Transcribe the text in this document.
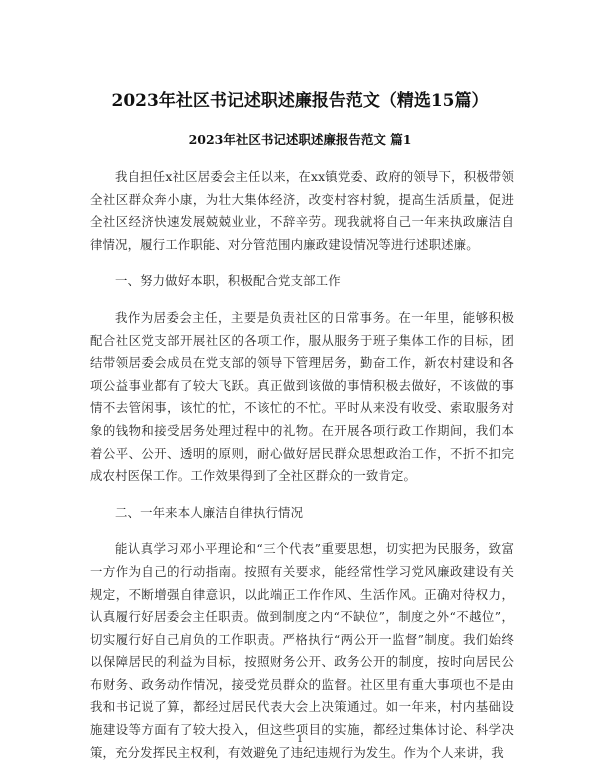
2023年社区书记述职述廉报告范文（精选15篇）
2023年社区书记述职述廉报告范文 篇1

我自担任x社区居委会主任以来，在xx镇党委、政府的领导下，积极带领全社区群众奔小康，为壮大集体经济，改变村容村貌，提高生活质量，促进全社区经济快速发展兢兢业业，不辞辛劳。现我就将自己一年来执政廉洁自律情况，履行工作职能、对分管范围内廉政建设情况等进行述职述廉。

一、努力做好本职，积极配合党支部工作

我作为居委会主任，主要是负责社区的日常事务。在一年里，能够积极配合社区党支部开展社区的各项工作，服从服务于班子集体工作的目标，团结带领居委会成员在党支部的领导下管理居务，勤奋工作，新农村建设和各项公益事业都有了较大飞跃。真正做到该做的事情积极去做好，不该做的事情不去管闲事，该忙的忙，不该忙的不忙。平时从来没有收受、索取服务对象的钱物和接受居务处理过程中的礼物。在开展各项行政工作期间，我们本着公平、公开、透明的原则，耐心做好居民群众思想政治工作，不折不扣完成农村医保工作。工作效果得到了全社区群众的一致肯定。

二、一年来本人廉洁自律执行情况

能认真学习邓小平理论和“三个代表”重要思想，切实把为民服务，致富一方作为自己的行动指南。按照有关要求，能经常性学习党风廉政建设有关规定，不断增强自律意识，以此端正工作作风、生活作风。正确对待权力，认真履行好居委会主任职责。做到制度之内“不缺位”，制度之外“不越位”，切实履行好自己肩负的工作职责。严格执行“两公开一监督”制度。我们始终以保障居民的利益为目标，按照财务公开、政务公开的制度，按时向居民公布财务、政务动作情况，接受党员群众的监督。社区里有重大事项也不是由我和书记说了算，都经过居民代表大会上决策通过。如一年来，村内基础设施建设等方面有了较大投入，但这些项目的实施，都经过集体讨论、科学决策，充分发挥民主权利，有效避免了违纪违规行为发生。作为个人来讲，我

1
